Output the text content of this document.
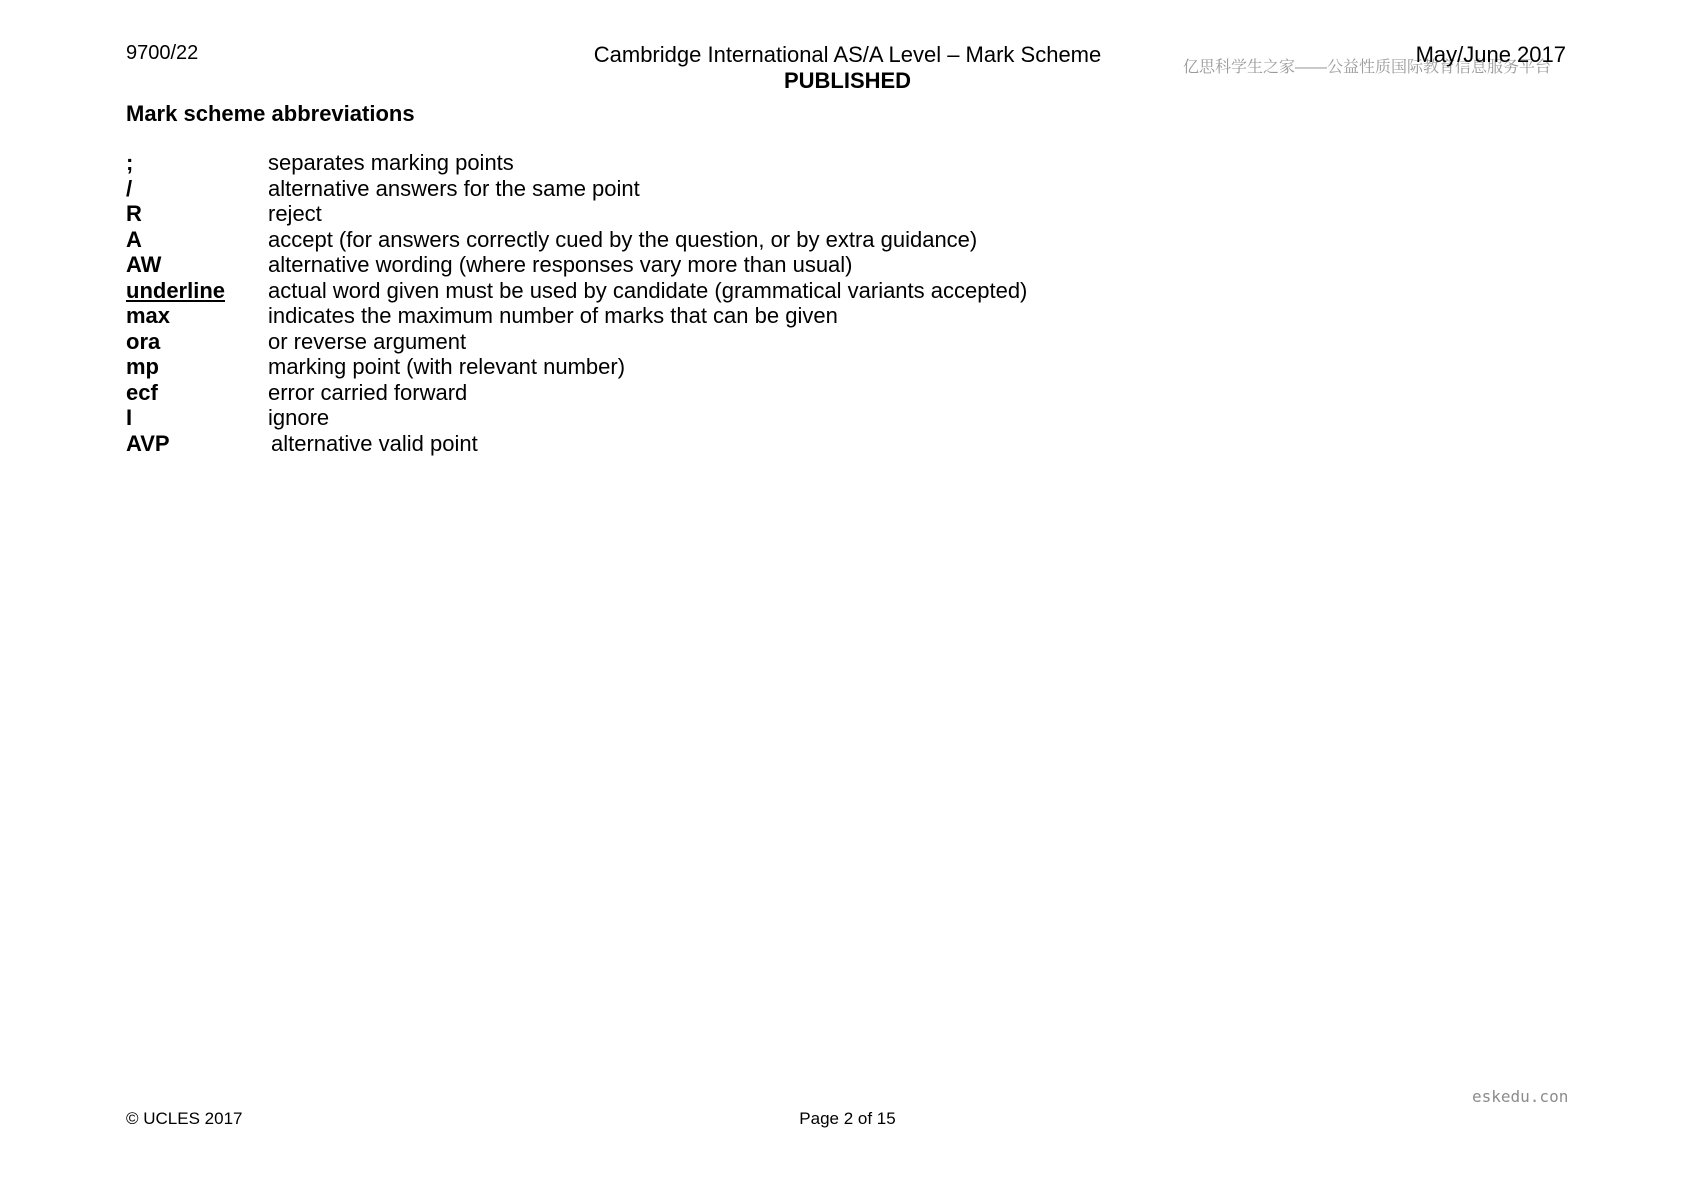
9700/22	Cambridge International AS/A Level – Mark Scheme
亿思科学生之家——公益性质国际教育信息服务平台
May/June 2017
PUBLISHED
Mark scheme abbreviations
;	separates marking points
/	alternative answers for the same point
R	reject
A	accept (for answers correctly cued by the question, or by extra guidance)
AW	alternative wording (where responses vary more than usual)
underline actual word given must be used by candidate (grammatical variants accepted)
max	indicates the maximum number of marks that can be given
ora	or reverse argument
mp	marking point (with relevant number)
ecf	error carried forward
I	ignore
AVP	alternative valid point
eskedu.con
© UCLES 2017	Page 2 of 15
